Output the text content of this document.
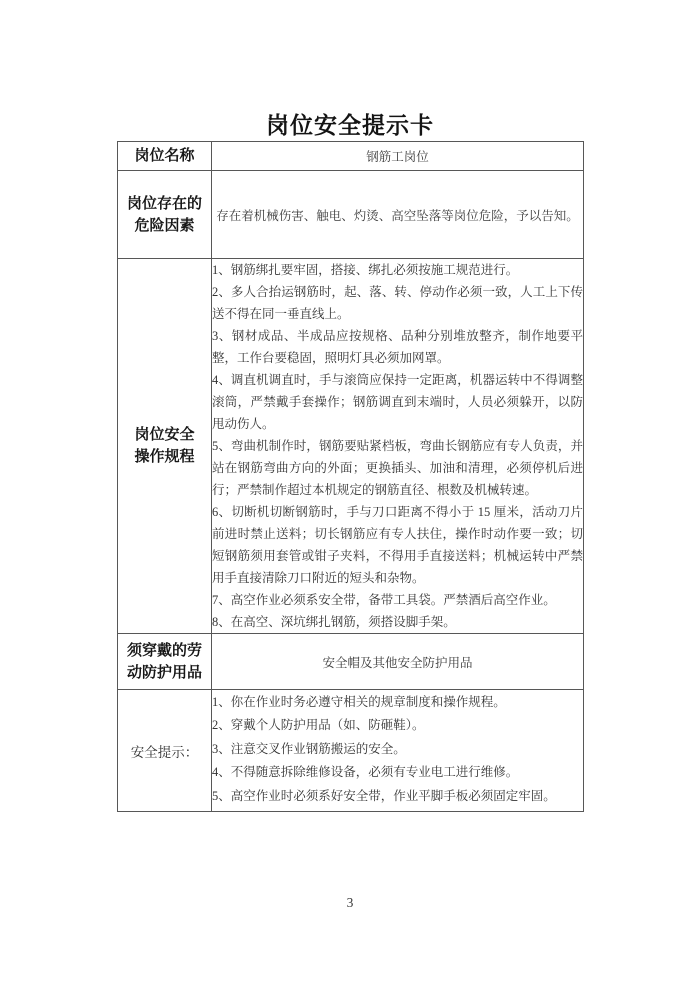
岗位安全提示卡
岗位名称	钢筋工岗位

岗位存在的
危险因素	存在着机械伤害、触电、灼烫、高空坠落等岗位危险，予以告知。

岗位安全
操作规程

1、钢筋绑扎要牢固，搭接、绑扎必须按施工规范进行。

2、多人合抬运钢筋时，起、落、转、停动作必须一致，人工上下传送不得在同一垂直线上。

3、钢材成品、半成品应按规格、品种分别堆放整齐，制作地要平整，工作台要稳固，照明灯具必须加网罩。

4、调直机调直时，手与滚筒应保持一定距离，机器运转中不得调整滚筒，严禁戴手套操作；钢筋调直到末端时，人员必须躲开，以防甩动伤人。

5、弯曲机制作时，钢筋要贴紧档板，弯曲长钢筋应有专人负责，并站在钢筋弯曲方向的外面；更换插头、加油和清理，必须停机后进行；严禁制作超过本机规定的钢筋直径、根数及机械转速。

6、切断机切断钢筋时，手与刀口距离不得小于 15 厘米，活动刀片前进时禁止送料；切长钢筋应有专人扶住，操作时动作要一致；切短钢筋须用套管或钳子夹料，不得用手直接送料；机械运转中严禁用手直接清除刀口附近的短头和杂物。

7、高空作业必须系安全带，备带工具袋。严禁酒后高空作业。

8、在高空、深坑绑扎钢筋，须搭设脚手架。

须穿戴的劳
动防护用品	安全帽及其他安全防护用品

安全提示：	1、你在作业时务必遵守相关的规章制度和操作规程。

2、穿戴个人防护用品（如、防砸鞋）。

3、注意交叉作业钢筋搬运的安全。

4、不得随意拆除维修设备，必须有专业电工进行维修。

5、高空作业时必须系好安全带，作业平脚手板必须固定牢固。

3
